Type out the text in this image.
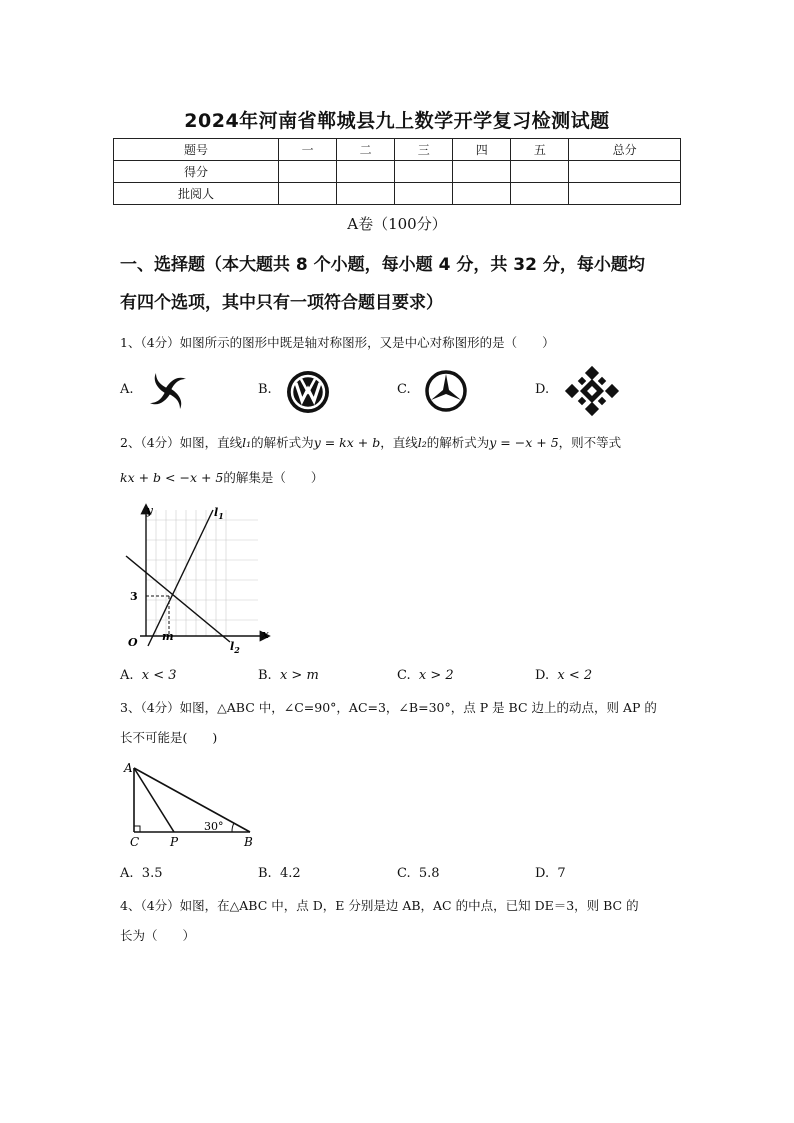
2024年河南省郸城县九上数学开学复习检测试题
题号	一	二	三	四	五	总分
得分						
批阅人						
A卷（100分）
一、选择题（本大题共 8 个小题，每小题 4 分，共 32 分，每小题均
有四个选项，其中只有一项符合题目要求）
1、（4分）如图所示的图形中既是轴对称图形，又是中心对称图形的是（　　）
A.	B.	C.	D.
2、（4分）如图，直线l₁的解析式为y = kx + b，直线l₂的解析式为y = −x + 5，则不等式
kx + b < −x + 5的解集是（　　）
y
x
O m
3
$l_1$
$l_2$
A. x < 3	B. x > m	C. x > 2	D. x < 2
3、（4分）如图，△ABC 中，∠C=90°，AC=3，∠B=30°，点 P 是 BC 边上的动点，则 AP 的
长不可能是(　　)
A
C	P	B
30°
A. 3.5	B. 4.2	C. 5.8	D. 7
4、（4分）如图，在△ABC 中，点 D，E 分别是边 AB，AC 的中点，已知 DE＝3，则 BC 的
长为（　　）
